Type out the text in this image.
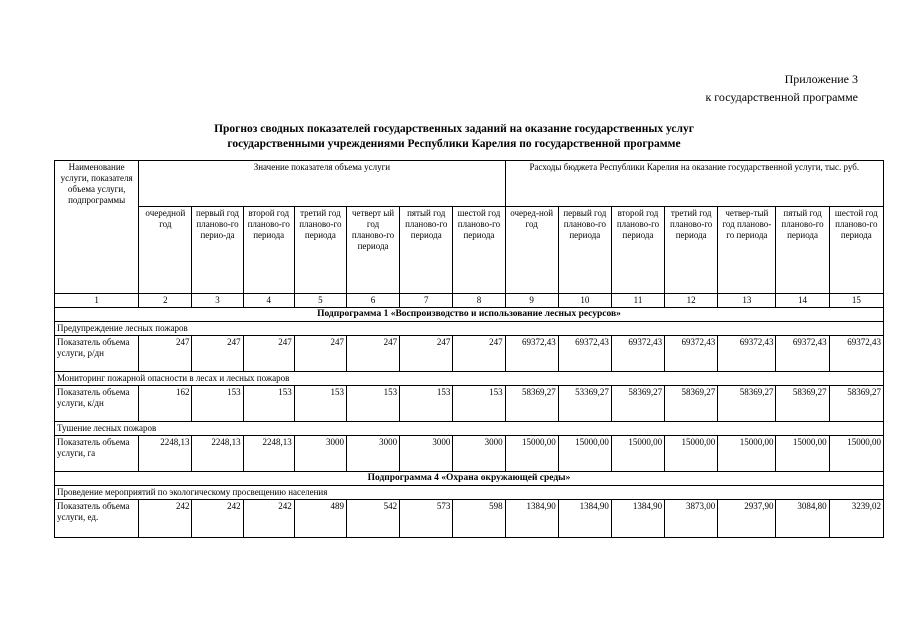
Приложение 3
к государственной программе
Прогноз сводных показателей государственных заданий на оказание государственных услуг
государственными учреждениями Республики Карелия по государственной программе
Наименование услуги, показателя объема услуги, подпрограммы	Значение показателя объема услуги							Расходы бюджета Республики Карелия на оказание государственной услуги, тыс. руб.						
	очередной год	первый год планово-го перио-да	второй год планово-го периода	третий год планово-го периода	четверт ый год планово-го периода	пятый год планово-го периода	шестой год планово-го периода	очеред-ной год	первый год планово-го периода	второй год планово-го периода	третий год планово-го периода	четвер-тый год планово-го периода	пятый год планово-го периода	шестой год планово-го периода
1	2	3	4	5	6	7	8	9	10	11	12	13	14	15
Подпрограмма 1 «Воспроизводство и использование лесных ресурсов»														
Предупреждение лесных пожаров														
Показатель объема услуги, р/дн	247	247	247	247	247	247	247	69372,43	69372,43	69372,43	69372,43	69372,43	69372,43	69372,43
Мониторинг пожарной опасности в лесах и лесных пожаров														
Показатель объема услуги, к/дн	162	153	153	153	153	153	153	58369,27	53369,27	58369,27	58369,27	58369,27	58369,27	58369,27
Тушение лесных пожаров														
Показатель объема услуги, га	2248,13	2248,13	2248,13	3000	3000	3000	3000	15000,00	15000,00	15000,00	15000,00	15000,00	15000,00	15000,00
Подпрограмма 4 «Охрана окружающей среды»														
Проведение мероприятий по экологическому просвещению населения														
Показатель объема услуги, ед.	242	242	242	489	542	573	598	1384,90	1384,90	1384,90	3873,00	2937,90	3084,80	3239,02
